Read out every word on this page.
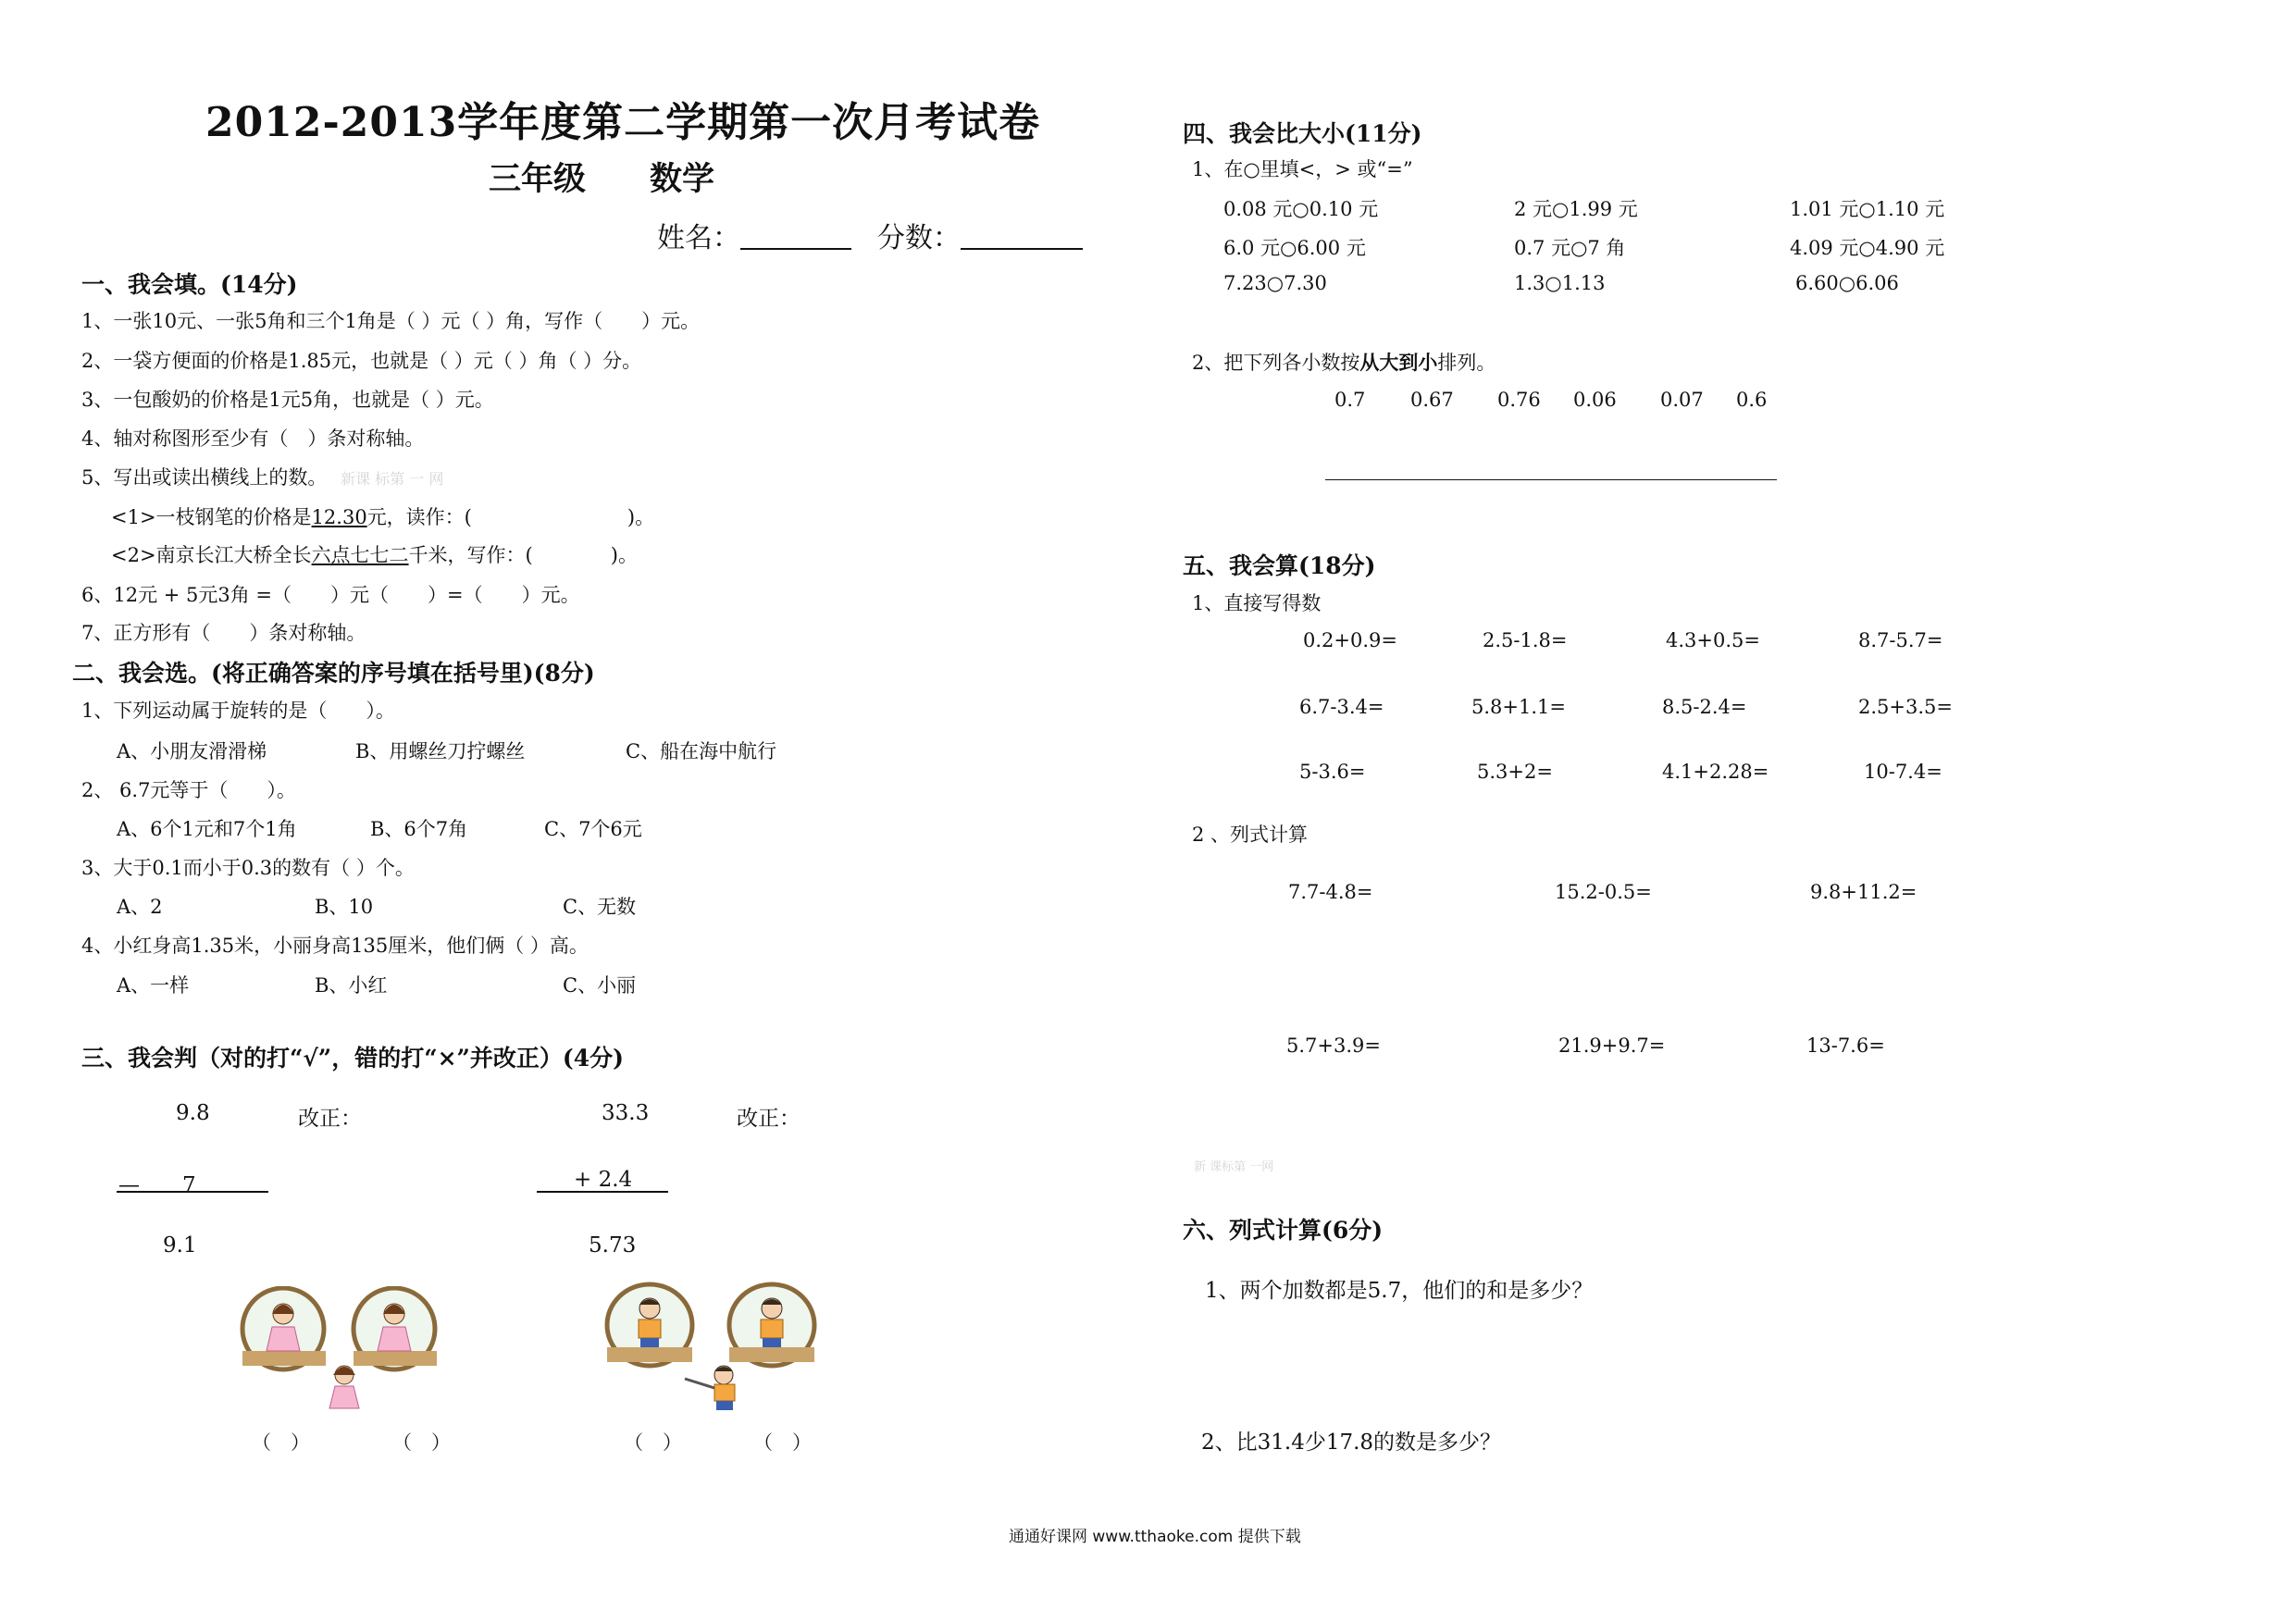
2012-2013学年度第二学期第一次月考试卷
三年级 数学
姓名：	分数：
一、我会填。(14分)
1、一张10元、一张5角和三个1角是（ ）元（ ）角，写作（　　）元。
2、一袋方便面的价格是1.85元，也就是（ ）元（ ）角（ ）分。
3、一包酸奶的价格是1元5角，也就是（ ）元。
4、轴对称图形至少有（　）条对称轴。
5、写出或读出横线上的数。 新课 标第 一 网
<1>一枝钢笔的价格是12.30元，读作：(　　　　　　　　)。
<2>南京长江大桥全长六点七七二千米，写作：(　　　　)。
6、12元 + 5元3角 =（　　）元（　　）=（　　）元。
7、正方形有（　　）条对称轴。
二、我会选。(将正确答案的序号填在括号里)(8分)
1、下列运动属于旋转的是（　　）。
A、小朋友滑滑梯	B、用螺丝刀拧螺丝	C、船在海中航行
2、 6.7元等于（　　）。
A、6个1元和7个1角	B、6个7角	C、7个6元
3、大于0.1而小于0.3的数有（ ）个。
A、2	B、10	C、无数
4、小红身高1.35米，小丽身高135厘米，他们俩（ ）高。
A、一样	B、小红	C、小丽
三、我会判（对的打“√”，错的打“×”并改正）(4分)
9.8	改正：
—　　7
9.1
33.3	改正：
+ 2.4
5.73
（　）	（　）	（　）	（　）
四、我会比大小(11分)
1、在○里填<，> 或“=”
0.08 元○0.10 元	2 元○1.99 元	1.01 元○1.10 元
6.0 元○6.00 元	0.7 元○7 角	4.09 元○4.90 元
7.23○7.30	1.3○1.13	6.60○6.06
2、把下列各小数按从大到小排列。
0.7 0.67 0.76 0.06 0.07 0.6
五、我会算(18分)
1、直接写得数
0.2+0.9=	2.5-1.8=	4.3+0.5=	8.7-5.7=
6.7-3.4=	5.8+1.1=	8.5-2.4=	2.5+3.5=
5-3.6=	5.3+2=	4.1+2.28=	10-7.4=
2 、列式计算
7.7-4.8=	15.2-0.5=	9.8+11.2=
5.7+3.9=	21.9+9.7=	13-7.6=
新 课标第 一网
六、列式计算(6分)
1、两个加数都是5.7，他们的和是多少？
2、比31.4少17.8的数是多少？
通通好课网 www.tthaoke.com 提供下载
